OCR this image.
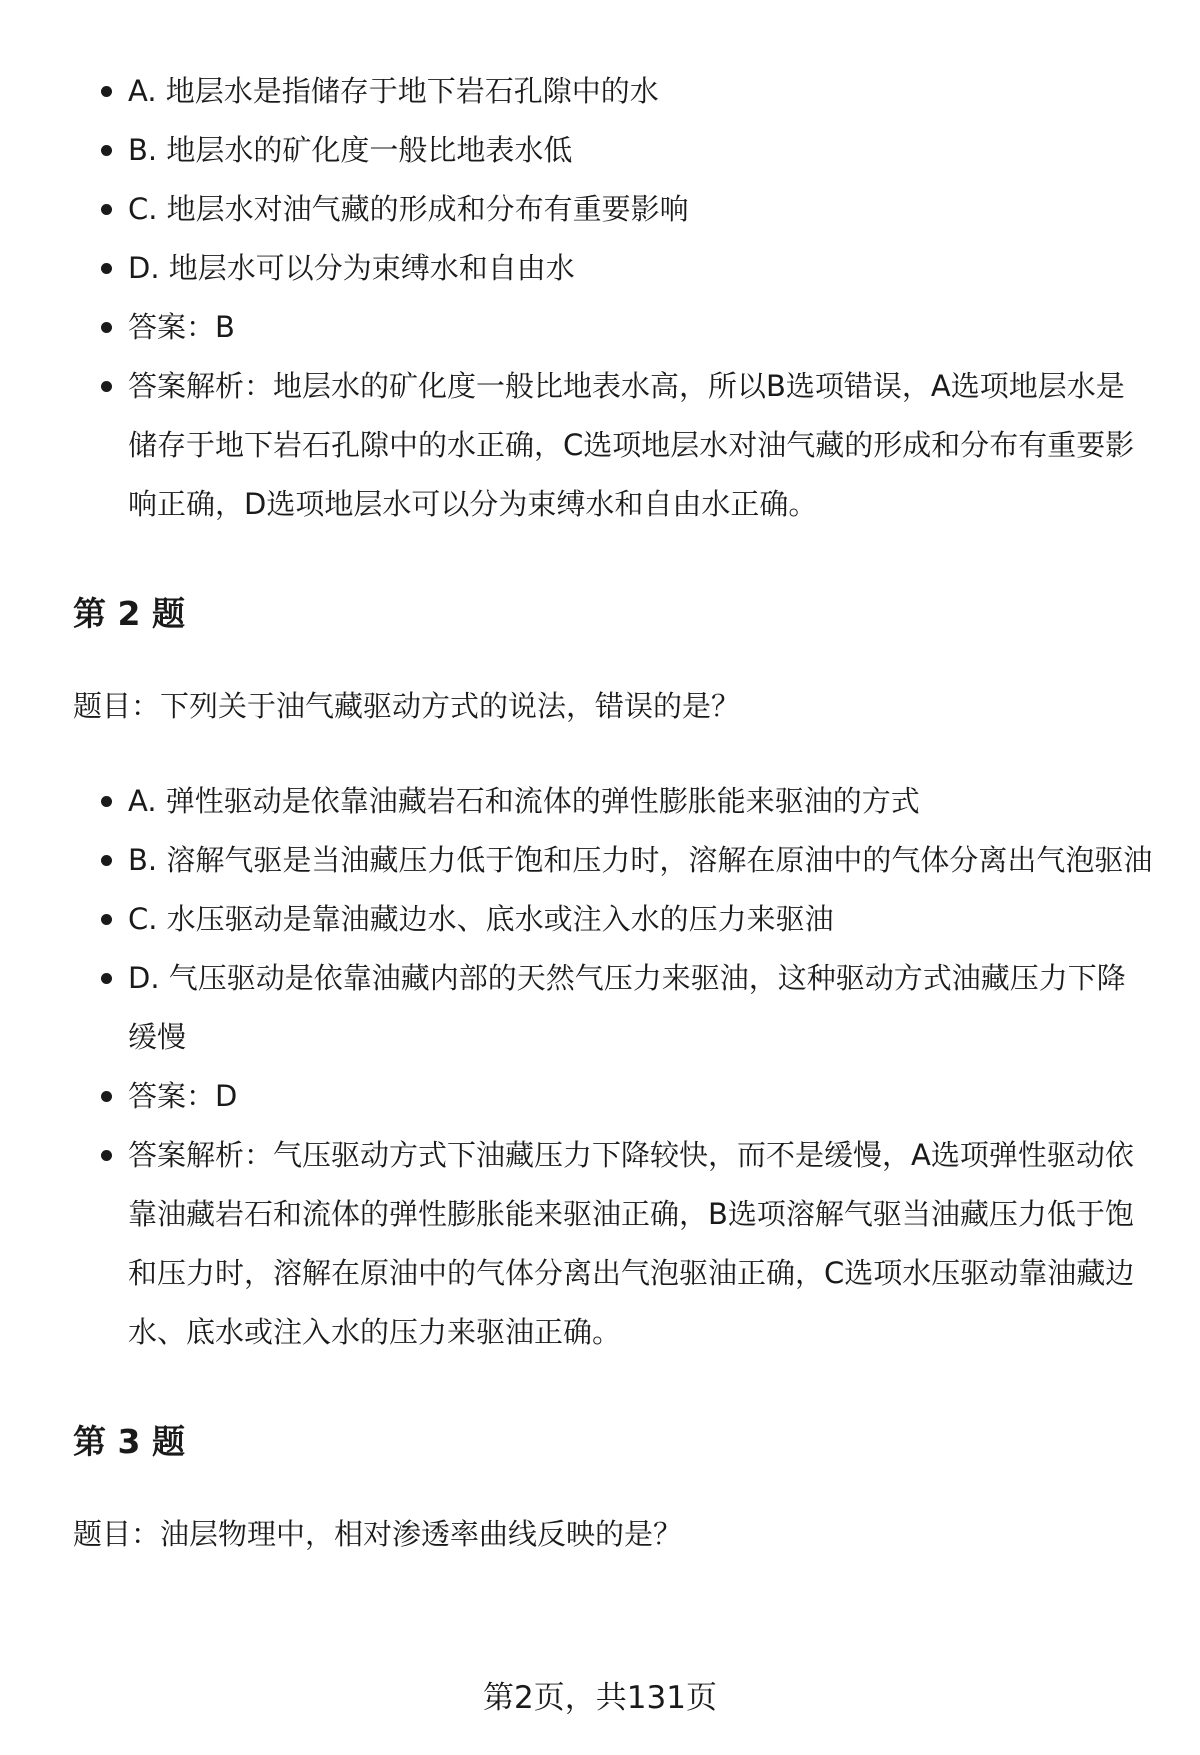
A. 地层水是指储存于地下岩石孔隙中的水
B. 地层水的矿化度一般比地表水低
C. 地层水对油气藏的形成和分布有重要影响
D. 地层水可以分为束缚水和自由水
答案：B
答案解析：地层水的矿化度一般比地表水高，所以B选项错误，A选项地层水是储存于地下岩石孔隙中的水正确，C选项地层水对油气藏的形成和分布有重要影响正确，D选项地层水可以分为束缚水和自由水正确。
第 2 题

题目：下列关于油气藏驱动方式的说法，错误的是？

A. 弹性驱动是依靠油藏岩石和流体的弹性膨胀能来驱油的方式
B. 溶解气驱是当油藏压力低于饱和压力时，溶解在原油中的气体分离出气泡驱油
C. 水压驱动是靠油藏边水、底水或注入水的压力来驱油
D. 气压驱动是依靠油藏内部的天然气压力来驱油，这种驱动方式油藏压力下降缓慢
答案：D
答案解析：气压驱动方式下油藏压力下降较快，而不是缓慢，A选项弹性驱动依靠油藏岩石和流体的弹性膨胀能来驱油正确，B选项溶解气驱当油藏压力低于饱和压力时，溶解在原油中的气体分离出气泡驱油正确，C选项水压驱动靠油藏边水、底水或注入水的压力来驱油正确。
第 3 题

题目：油层物理中，相对渗透率曲线反映的是？

第2页，共131页
